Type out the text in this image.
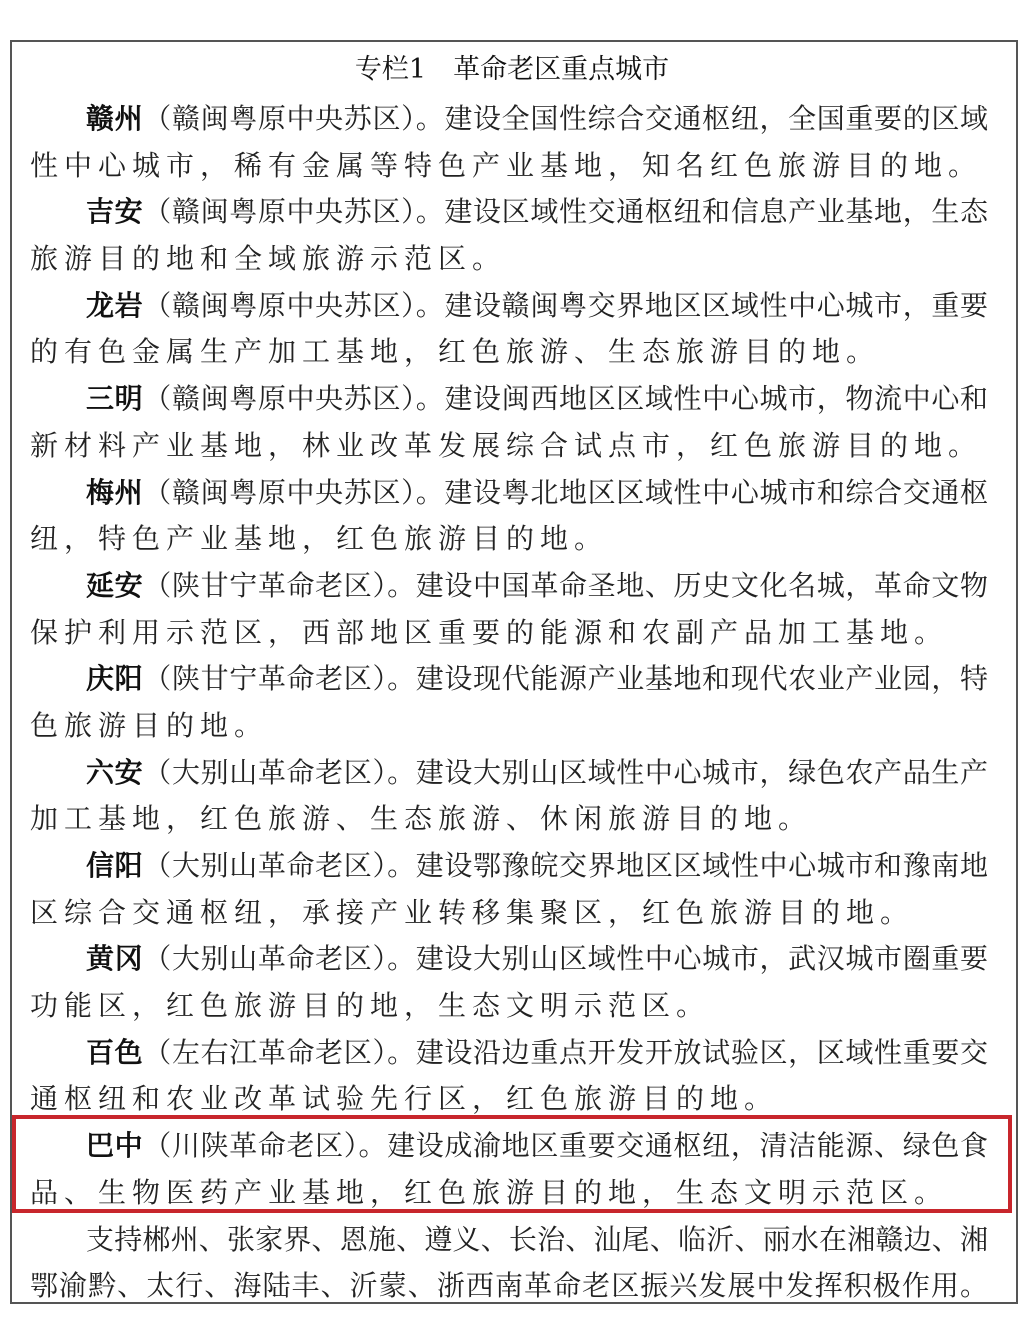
专栏1　革命老区重点城市
赣州（赣闽粤原中央苏区）。建设全国性综合交通枢纽，全国重要的区域
性中心城市，稀有金属等特色产业基地，知名红色旅游目的地。
吉安（赣闽粤原中央苏区）。建设区域性交通枢纽和信息产业基地，生态
旅游目的地和全域旅游示范区。
龙岩（赣闽粤原中央苏区）。建设赣闽粤交界地区区域性中心城市，重要
的有色金属生产加工基地，红色旅游、生态旅游目的地。
三明（赣闽粤原中央苏区）。建设闽西地区区域性中心城市，物流中心和
新材料产业基地，林业改革发展综合试点市，红色旅游目的地。
梅州（赣闽粤原中央苏区）。建设粤北地区区域性中心城市和综合交通枢
纽，特色产业基地，红色旅游目的地。
延安（陕甘宁革命老区）。建设中国革命圣地、历史文化名城，革命文物
保护利用示范区，西部地区重要的能源和农副产品加工基地。
庆阳（陕甘宁革命老区）。建设现代能源产业基地和现代农业产业园，特
色旅游目的地。
六安（大别山革命老区）。建设大别山区域性中心城市，绿色农产品生产
加工基地，红色旅游、生态旅游、休闲旅游目的地。
信阳（大别山革命老区）。建设鄂豫皖交界地区区域性中心城市和豫南地
区综合交通枢纽，承接产业转移集聚区，红色旅游目的地。
黄冈（大别山革命老区）。建设大别山区域性中心城市，武汉城市圈重要
功能区，红色旅游目的地，生态文明示范区。
百色（左右江革命老区）。建设沿边重点开发开放试验区，区域性重要交
通枢纽和农业改革试验先行区，红色旅游目的地。
巴中（川陕革命老区）。建设成渝地区重要交通枢纽，清洁能源、绿色食
品、生物医药产业基地，红色旅游目的地，生态文明示范区。
支持郴州、张家界、恩施、遵义、长治、汕尾、临沂、丽水在湘赣边、湘
鄂渝黔、太行、海陆丰、沂蒙、浙西南革命老区振兴发展中发挥积极作用。
